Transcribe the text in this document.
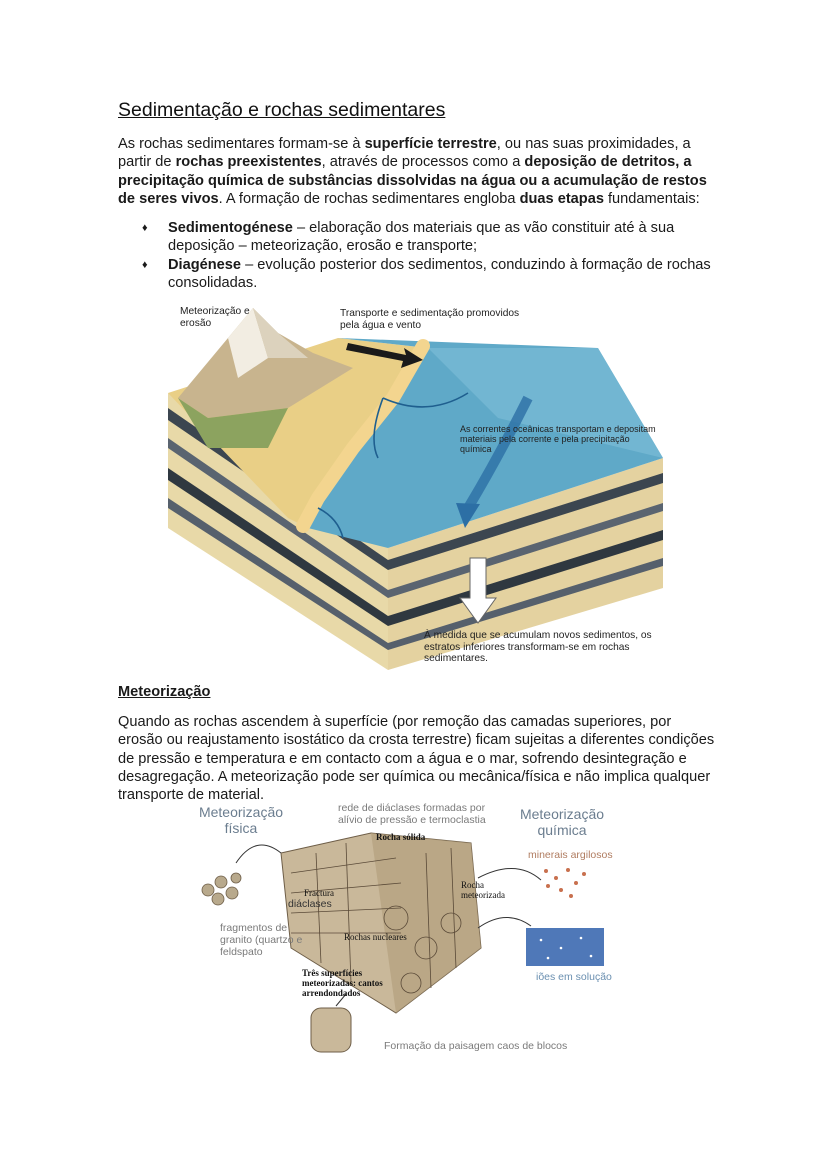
Sedimentação e rochas sedimentares
As rochas sedimentares formam-se à superfície terrestre, ou nas suas proximidades, a partir de rochas preexistentes, através de processos como a deposição de detritos, a precipitação química de substâncias dissolvidas na água ou a acumulação de restos de seres vivos. A formação de rochas sedimentares engloba duas etapas fundamentais:
♦ Sedimentogénese – elaboração dos materiais que as vão constituir até à sua deposição – meteorização, erosão e transporte;
♦ Diagénese – evolução posterior dos sedimentos, conduzindo à formação de rochas consolidadas.
Meteorização e erosão
Transporte e sedimentação promovidos pela água e vento
As correntes oceânicas transportam e depositam materiais pela corrente e pela precipitação química
À medida que se acumulam novos sedimentos, os estratos inferiores transformam-se em rochas sedimentares.
Meteorização
Quando as rochas ascendem à superfície (por remoção das camadas superiores, por erosão ou reajustamento isostático da crosta terrestre) ficam sujeitas a diferentes condições de pressão e temperatura e em contacto com a água e o mar, sofrendo desintegração e desagregação. A meteorização pode ser química ou mecânica/física e não implica qualquer transporte de material.
Meteorização física
Meteorização química
rede de diáclases formadas por alívio de pressão e termoclastia
Rocha sólida
Fractura
diáclases
Rocha meteorizada
Rochas nucleares
minerais argilosos
fragmentos de granito (quartzo e feldspato
iões em solução
Três superfícies meteorizadas: cantos arrendondados
Formação da paisagem caos de blocos
